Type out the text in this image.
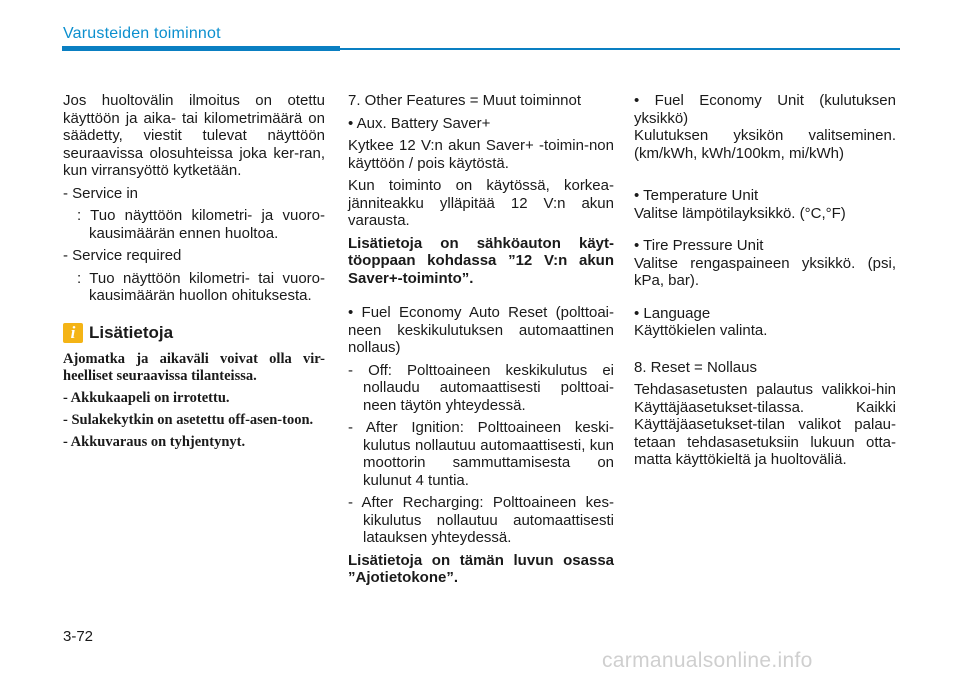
Varusteiden toiminnot

Jos huoltovälin ilmoitus on otettu käyttöön ja aika- tai kilometrimäärä on säädetty, viestit tulevat näyttöön seuraavissa olosuhteissa joka ker-ran, kun virransyöttö kytketään.

- Service in

: Tuo näyttöön kilometri- ja vuoro-kausimäärän ennen huoltoa.

- Service required

: Tuo näyttöön kilometri- tai vuoro-kausimäärän huollon ohituksesta.

i Lisätietoja

Ajomatka ja aikaväli voivat olla vir-heelliset seuraavissa tilanteissa.

- Akkukaapeli on irrotettu.

- Sulakekytkin on asetettu off-asen-toon.

- Akkuvaraus on tyhjentynyt.

7. Other Features = Muut toiminnot

• Aux. Battery Saver+

Kytkee 12 V:n akun Saver+ -toimin-non käyttöön / pois käytöstä.

Kun toiminto on käytössä, korkea-jänniteakku ylläpitää 12 V:n akun varausta.

Lisätietoja on sähköauton käyt-töoppaan kohdassa ”12 V:n akun Saver+-toiminto”.

• Fuel Economy Auto Reset (polttoai-neen keskikulutuksen automaattinen nollaus)

- Off: Polttoaineen keskikulutus ei nollaudu automaattisesti polttoai-neen täytön yhteydessä.

- After Ignition: Polttoaineen keski-kulutus nollautuu automaattisesti, kun moottorin sammuttamisesta on kulunut 4 tuntia.

- After Recharging: Polttoaineen kes-kikulutus nollautuu automaattisesti latauksen yhteydessä.

Lisätietoja on tämän luvun osassa ”Ajotietokone”.

• Fuel Economy Unit (kulutuksen yksikkö)

Kulutuksen yksikön valitseminen. (km/kWh, kWh/100km, mi/kWh)

• Temperature Unit

Valitse lämpötilayksikkö. (°C,°F)

• Tire Pressure Unit

Valitse rengaspaineen yksikkö. (psi, kPa, bar).

• Language

Käyttökielen valinta.

8. Reset = Nollaus

Tehdasasetusten palautus valikkoi-hin Käyttäjäasetukset-tilassa. Kaikki Käyttäjäasetukset-tilan valikot palau-tetaan tehdasasetuksiin lukuun otta-matta käyttökieltä ja huoltoväliä.

3-72
carmanualsonline.info
